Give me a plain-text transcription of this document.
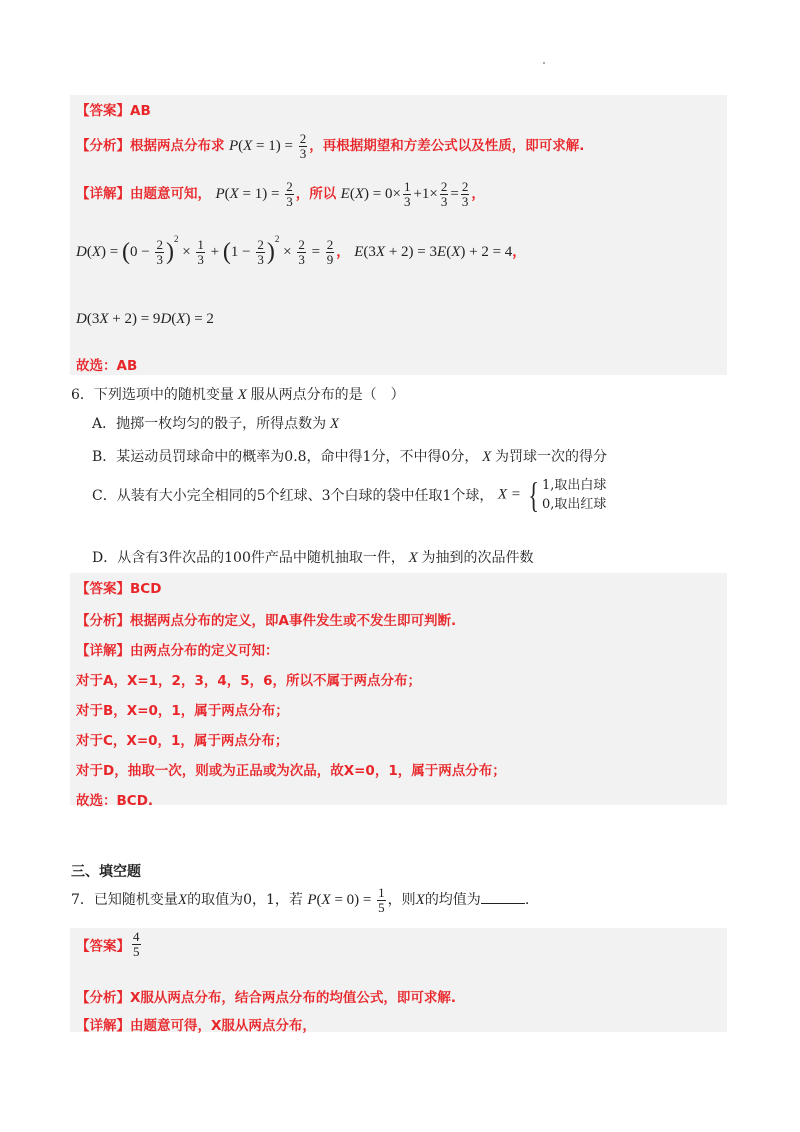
【答案】AB
【分析】根据两点分布求 $P(X = 1) = \frac{2}{3}$ ，再根据期望和方差公式以及性质，即可求解.
【详解】由题意可知， $P(X = 1) = \frac{2}{3}$ ，所以 $E(X) = 0\times \frac{1}{3} +1\times \frac{2}{3} = \frac{2}{3}$ ，
$D(X) = (0 - \frac{2}{3} )^2 \times \frac{1}{3} + (1 - \frac{2}{3} )^2 \times \frac{2}{3} = \frac{2}{9}$ ， E(3X + 2) = 3E(X) + 2 = 4，
D(3X + 2) = 9D(X) = 2
故选：AB
6．下列选项中的随机变量 X 服从两点分布的是（　）
A．抛掷一枚均匀的骰子，所得点数为 X
B．某运动员罚球命中的概率为0.8，命中得1分，不中得0分， X 为罚球一次的得分
C．从装有大小完全相同的5个红球、3个白球的袋中任取1个球， X = { 1,取出白球
0,取出红球
D．从含有3件次品的100件产品中随机抽取一件， X 为抽到的次品件数
【答案】BCD
【分析】根据两点分布的定义，即A事件发生或不发生即可判断.
【详解】由两点分布的定义可知：
对于A，X=1，2，3，4，5，6，所以不属于两点分布；
对于B，X=0，1，属于两点分布；
对于C，X=0，1，属于两点分布；
对于D，抽取一次，则或为正品或为次品，故X=0，1，属于两点分布；
故选：BCD.
三、填空题
7．已知随机变量X的取值为0，1，若 $P(X = 0) = \frac{1}{5}$ ，则X的均值为	.
【答案】 $\frac{4}{5}$
【分析】X服从两点分布，结合两点分布的均值公式，即可求解.
【详解】由题意可得，X服从两点分布，
